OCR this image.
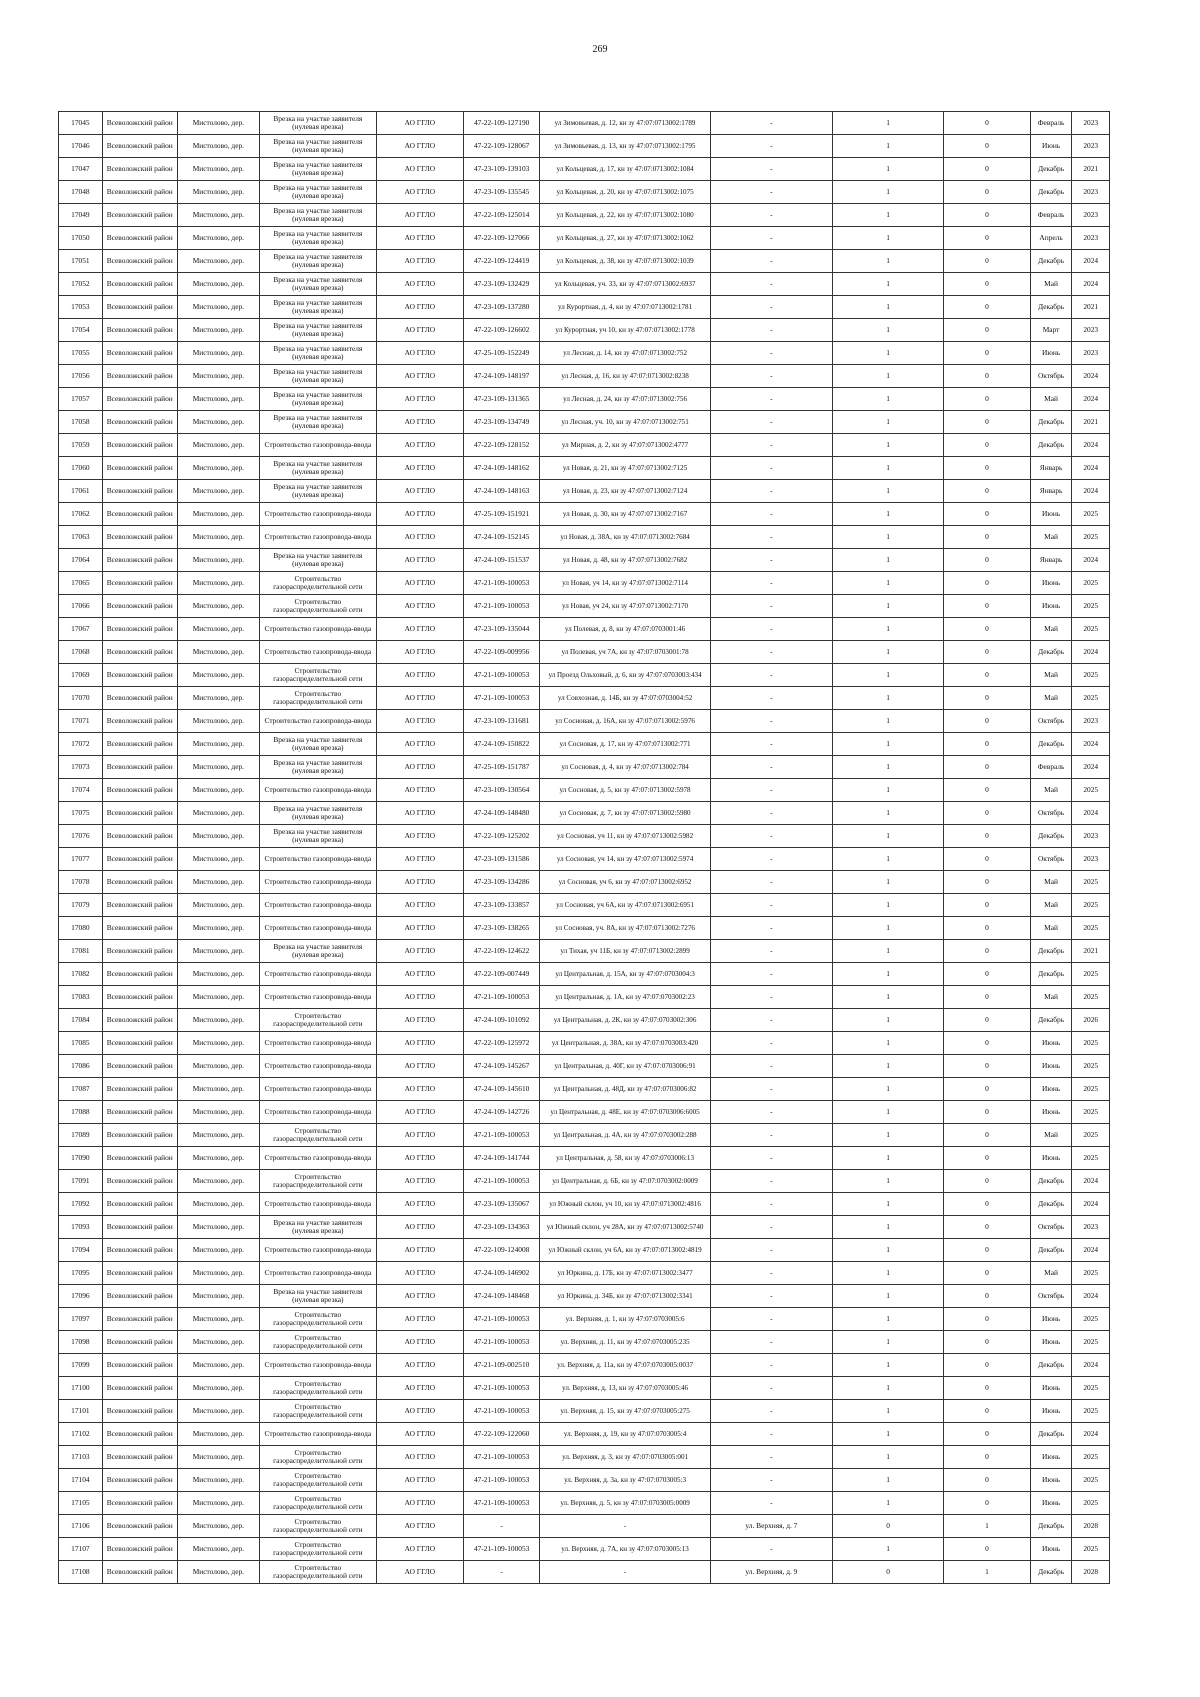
269
17045	Всеволожский район	Мистолово, дер.	Врезка на участке заявителя (нулевая врезка)	АО ГГЛО	47-22-109-127190	ул Зимовьевая, д. 12, кн зу 47:07:0713002:1789	-	1	0	Февраль	2023
17046	Всеволожский район	Мистолово, дер.	Врезка на участке заявителя (нулевая врезка)	АО ГГЛО	47-22-109-128067	ул Зимовьевая, д. 13, кн зу 47:07:0713002:1795	-	1	0	Июнь	2023
17047	Всеволожский район	Мистолово, дер.	Врезка на участке заявителя (нулевая врезка)	АО ГГЛО	47-23-109-139103	ул Кольцевая, д. 17, кн зу 47:07:0713002:1084	-	1	0	Декабрь	2021
17048	Всеволожский район	Мистолово, дер.	Врезка на участке заявителя (нулевая врезка)	АО ГГЛО	47-23-109-135545	ул Кольцевая, д. 20, кн зу 47:07:0713002:1075	-	1	0	Декабрь	2023
17049	Всеволожский район	Мистолово, дер.	Врезка на участке заявителя (нулевая врезка)	АО ГГЛО	47-22-109-125014	ул Кольцевая, д. 22, кн зу 47:07:0713002:1080	-	1	0	Февраль	2023
17050	Всеволожский район	Мистолово, дер.	Врезка на участке заявителя (нулевая врезка)	АО ГГЛО	47-22-109-127066	ул Кольцевая, д. 27, кн зу 47:07:0713002:1062	-	1	0	Апрель	2023
17051	Всеволожский район	Мистолово, дер.	Врезка на участке заявителя (нулевая врезка)	АО ГГЛО	47-22-109-124419	ул Кольцевая, д. 38, кн зу 47:07:0713002:1039	-	1	0	Декабрь	2024
17052	Всеволожский район	Мистолово, дер.	Врезка на участке заявителя (нулевая врезка)	АО ГГЛО	47-23-109-132429	ул Кольцевая, уч. 33, кн зу 47:07:0713002:6937	-	1	0	Май	2024
17053	Всеволожский район	Мистолово, дер.	Врезка на участке заявителя (нулевая врезка)	АО ГГЛО	47-23-109-137280	ул Курортная, д. 4, кн зу 47:07:0713002:1781	-	1	0	Декабрь	2021
17054	Всеволожский район	Мистолово, дер.	Врезка на участке заявителя (нулевая врезка)	АО ГГЛО	47-22-109-126602	ул Курортная, уч 10, кн зу 47:07:0713002:1778	-	1	0	Март	2023
17055	Всеволожский район	Мистолово, дер.	Врезка на участке заявителя (нулевая врезка)	АО ГГЛО	47-25-109-152249	ул Лесная, д. 14, кн зу 47:07:0713002:752	-	1	0	Июнь	2023
17056	Всеволожский район	Мистолово, дер.	Врезка на участке заявителя (нулевая врезка)	АО ГГЛО	47-24-109-148197	ул Лесная, д. 16, кн зу 47:07:0713002:8238	-	1	0	Октябрь	2024
17057	Всеволожский район	Мистолово, дер.	Врезка на участке заявителя (нулевая врезка)	АО ГГЛО	47-23-109-131365	ул Лесная, д. 24, кн зу 47:07:0713002:756	-	1	0	Май	2024
17058	Всеволожский район	Мистолово, дер.	Врезка на участке заявителя (нулевая врезка)	АО ГГЛО	47-23-109-134749	ул Лесная, уч. 10, кн зу 47:07:0713002:751	-	1	0	Декабрь	2021
17059	Всеволожский район	Мистолово, дер.	Строительство газопровода-ввода	АО ГГЛО	47-22-109-128152	ул Мирная, д. 2, кн зу 47:07:0713002:4777	-	1	0	Декабрь	2024
17060	Всеволожский район	Мистолово, дер.	Врезка на участке заявителя (нулевая врезка)	АО ГГЛО	47-24-109-148162	ул Новая, д. 21, кн зу 47:07:0713002:7125	-	1	0	Январь	2024
17061	Всеволожский район	Мистолово, дер.	Врезка на участке заявителя (нулевая врезка)	АО ГГЛО	47-24-109-148163	ул Новая, д. 23, кн зу 47:07:0713002:7124	-	1	0	Январь	2024
17062	Всеволожский район	Мистолово, дер.	Строительство газопровода-ввода	АО ГГЛО	47-25-109-151921	ул Новая, д. 30, кн зу 47:07:0713002:7167	-	1	0	Июнь	2025
17063	Всеволожский район	Мистолово, дер.	Строительство газопровода-ввода	АО ГГЛО	47-24-109-152145	ул Новая, д. 38А, кн зу 47:07:0713002:7684	-	1	0	Май	2025
17064	Всеволожский район	Мистолово, дер.	Врезка на участке заявителя (нулевая врезка)	АО ГГЛО	47-24-109-151537	ул Новая, д. 48, кн зу 47:07:0713002:7682	-	1	0	Январь	2024
17065	Всеволожский район	Мистолово, дер.	Строительство газораспределительной сети	АО ГГЛО	47-21-109-100053	ул Новая, уч 14, кн зу 47:07:0713002:7114	-	1	0	Июнь	2025
17066	Всеволожский район	Мистолово, дер.	Строительство газораспределительной сети	АО ГГЛО	47-21-109-100053	ул Новая, уч 24, кн зу 47:07:0713002:7170	-	1	0	Июнь	2025
17067	Всеволожский район	Мистолово, дер.	Строительство газопровода-ввода	АО ГГЛО	47-23-109-135044	ул Полевая, д. 8, кн зу 47:07:0703001:46	-	1	0	Май	2025
17068	Всеволожский район	Мистолово, дер.	Строительство газопровода-ввода	АО ГГЛО	47-22-109-009956	ул Полевая, уч 7А, кн зу 47:07:0703001:78	-	1	0	Декабрь	2024
17069	Всеволожский район	Мистолово, дер.	Строительство газораспределительной сети	АО ГГЛО	47-21-109-100053	ул Проезд Ольховый, д. 6, кн зу 47:07:0703003:434	-	1	0	Май	2025
17070	Всеволожский район	Мистолово, дер.	Строительство газораспределительной сети	АО ГГЛО	47-21-109-100053	ул Совхозная, д. 14Б, кн зу 47:07:0703004:52	-	1	0	Май	2025
17071	Всеволожский район	Мистолово, дер.	Строительство газопровода-ввода	АО ГГЛО	47-23-109-131681	ул Сосновая, д. 16А, кн зу 47:07:0713002:5976	-	1	0	Октябрь	2023
17072	Всеволожский район	Мистолово, дер.	Врезка на участке заявителя (нулевая врезка)	АО ГГЛО	47-24-109-150822	ул Сосновая, д. 17, кн зу 47:07:0713002:771	-	1	0	Декабрь	2024
17073	Всеволожский район	Мистолово, дер.	Врезка на участке заявителя (нулевая врезка)	АО ГГЛО	47-25-109-151787	ул Сосновая, д. 4, кн зу 47:07:0713002:784	-	1	0	Февраль	2024
17074	Всеволожский район	Мистолово, дер.	Строительство газопровода-ввода	АО ГГЛО	47-23-109-130564	ул Сосновая, д. 5, кн зу 47:07:0713002:5978	-	1	0	Май	2025
17075	Всеволожский район	Мистолово, дер.	Врезка на участке заявителя (нулевая врезка)	АО ГГЛО	47-24-109-148480	ул Сосновая, д. 7, кн зу 47:07:0713002:5980	-	1	0	Октябрь	2024
17076	Всеволожский район	Мистолово, дер.	Врезка на участке заявителя (нулевая врезка)	АО ГГЛО	47-22-109-125202	ул Сосновая, уч 11, кн зу 47:07:0713002:5982	-	1	0	Декабрь	2023
17077	Всеволожский район	Мистолово, дер.	Строительство газопровода-ввода	АО ГГЛО	47-23-109-131586	ул Сосновая, уч 14, кн зу 47:07:0713002:5974	-	1	0	Октябрь	2023
17078	Всеволожский район	Мистолово, дер.	Строительство газопровода-ввода	АО ГГЛО	47-23-109-134286	ул Сосновая, уч 6, кн зу 47:07:0713002:6952	-	1	0	Май	2025
17079	Всеволожский район	Мистолово, дер.	Строительство газопровода-ввода	АО ГГЛО	47-23-109-133857	ул Сосновая, уч 6А, кн зу 47:07:0713002:6951	-	1	0	Май	2025
17080	Всеволожский район	Мистолово, дер.	Строительство газопровода-ввода	АО ГГЛО	47-23-109-138265	ул Сосновая, уч. 8А, кн зу 47:07:0713002:7276	-	1	0	Май	2025
17081	Всеволожский район	Мистолово, дер.	Врезка на участке заявителя (нулевая врезка)	АО ГГЛО	47-22-109-124622	ул Тихая, уч 11Б, кн зу 47:07:0713002:2899	-	1	0	Декабрь	2021
17082	Всеволожский район	Мистолово, дер.	Строительство газопровода-ввода	АО ГГЛО	47-22-109-007449	ул Центральная, д. 15А, кн зу 47:07:0703004:3	-	1	0	Декабрь	2025
17083	Всеволожский район	Мистолово, дер.	Строительство газопровода-ввода	АО ГГЛО	47-21-109-100053	ул Центральная, д. 1А, кн зу 47:07:0703002:23	-	1	0	Май	2025
17084	Всеволожский район	Мистолово, дер.	Строительство газораспределительной сети	АО ГГЛО	47-24-109-101092	ул Центральная, д. 2К, кн зу 47:07:0703002:306	-	1	0	Декабрь	2026
17085	Всеволожский район	Мистолово, дер.	Строительство газопровода-ввода	АО ГГЛО	47-22-109-125972	ул Центральная, д. 38А, кн зу 47:07:0703003:420	-	1	0	Июнь	2025
17086	Всеволожский район	Мистолово, дер.	Строительство газопровода-ввода	АО ГГЛО	47-24-109-145267	ул Центральная, д. 40Г, кн зу 47:07:0703006:91	-	1	0	Июнь	2025
17087	Всеволожский район	Мистолово, дер.	Строительство газопровода-ввода	АО ГГЛО	47-24-109-145610	ул Центральная, д. 48Д, кн зу 47:07:0703006:82	-	1	0	Июнь	2025
17088	Всеволожский район	Мистолово, дер.	Строительство газопровода-ввода	АО ГГЛО	47-24-109-142726	ул Центральная, д. 48Е, кн зу 47:07:0703006:6005	-	1	0	Июнь	2025
17089	Всеволожский район	Мистолово, дер.	Строительство газораспределительной сети	АО ГГЛО	47-21-109-100053	ул Центральная, д. 4А, кн зу 47:07:0703002:288	-	1	0	Май	2025
17090	Всеволожский район	Мистолово, дер.	Строительство газопровода-ввода	АО ГГЛО	47-24-109-141744	ул Центральная, д. 58, кн зу 47:07:0703006:13	-	1	0	Июнь	2025
17091	Всеволожский район	Мистолово, дер.	Строительство газораспределительной сети	АО ГГЛО	47-21-109-100053	ул Центральная, д. 6Б, кн зу 47:07:0703002:0009	-	1	0	Декабрь	2024
17092	Всеволожский район	Мистолово, дер.	Строительство газопровода-ввода	АО ГГЛО	47-23-109-135067	ул Южный склон, уч 10, кн зу 47:07:0713002:4816	-	1	0	Декабрь	2024
17093	Всеволожский район	Мистолово, дер.	Врезка на участке заявителя (нулевая врезка)	АО ГГЛО	47-23-109-134363	ул Южный склон, уч 28А, кн зу 47:07:0713002:5740	-	1	0	Октябрь	2023
17094	Всеволожский район	Мистолово, дер.	Строительство газопровода-ввода	АО ГГЛО	47-22-109-124008	ул Южный склон, уч 6А, кн зу 47:07:0713002:4819	-	1	0	Декабрь	2024
17095	Всеволожский район	Мистолово, дер.	Строительство газопровода-ввода	АО ГГЛО	47-24-109-146902	ул Юркина, д. 17Б, кн зу 47:07:0713002:3477	-	1	0	Май	2025
17096	Всеволожский район	Мистолово, дер.	Врезка на участке заявителя (нулевая врезка)	АО ГГЛО	47-24-109-148468	ул Юркина, д. 34Б, кн зу 47:07:0713002:3341	-	1	0	Октябрь	2024
17097	Всеволожский район	Мистолово, дер.	Строительство газораспределительной сети	АО ГГЛО	47-21-109-100053	ул. Верхняя, д. 1, кн зу 47:07:0703005:6	-	1	0	Июнь	2025
17098	Всеволожский район	Мистолово, дер.	Строительство газораспределительной сети	АО ГГЛО	47-21-109-100053	ул. Верхняя, д. 11, кн зу 47:07:0703005:235	-	1	0	Июнь	2025
17099	Всеволожский район	Мистолово, дер.	Строительство газопровода-ввода	АО ГГЛО	47-21-109-002510	ул. Верхняя, д. 11а, кн зу 47:07:0703005:0037	-	1	0	Декабрь	2024
17100	Всеволожский район	Мистолово, дер.	Строительство газораспределительной сети	АО ГГЛО	47-21-109-100053	ул. Верхняя, д. 13, кн зу 47:07:0703005:46	-	1	0	Июнь	2025
17101	Всеволожский район	Мистолово, дер.	Строительство газораспределительной сети	АО ГГЛО	47-21-109-100053	ул. Верхняя, д. 15, кн зу 47:07:0703005:275	-	1	0	Июнь	2025
17102	Всеволожский район	Мистолово, дер.	Строительство газопровода-ввода	АО ГГЛО	47-22-109-122060	ул. Верхняя, д. 19, кн зу 47:07:0703005:4	-	1	0	Декабрь	2024
17103	Всеволожский район	Мистолово, дер.	Строительство газораспределительной сети	АО ГГЛО	47-21-109-100053	ул. Верхняя, д. 3, кн зу 47:07:0703005:001	-	1	0	Июнь	2025
17104	Всеволожский район	Мистолово, дер.	Строительство газораспределительной сети	АО ГГЛО	47-21-109-100053	ул. Верхняя, д. 3а, кн зу 47:07:0703005:3	-	1	0	Июнь	2025
17105	Всеволожский район	Мистолово, дер.	Строительство газораспределительной сети	АО ГГЛО	47-21-109-100053	ул. Верхняя, д. 5, кн зу 47:07:0703005:0009	-	1	0	Июнь	2025
17106	Всеволожский район	Мистолово, дер.	Строительство газораспределительной сети	АО ГГЛО	-	-	ул. Верхняя, д. 7	0	1	Декабрь	2028
17107	Всеволожский район	Мистолово, дер.	Строительство газораспределительной сети	АО ГГЛО	47-21-109-100053	ул. Верхняя, д. 7А, кн зу 47:07:0703005:13	-	1	0	Июнь	2025
17108	Всеволожский район	Мистолово, дер.	Строительство газораспределительной сети	АО ГГЛО	-	-	ул. Верхняя, д. 9	0	1	Декабрь	2028
